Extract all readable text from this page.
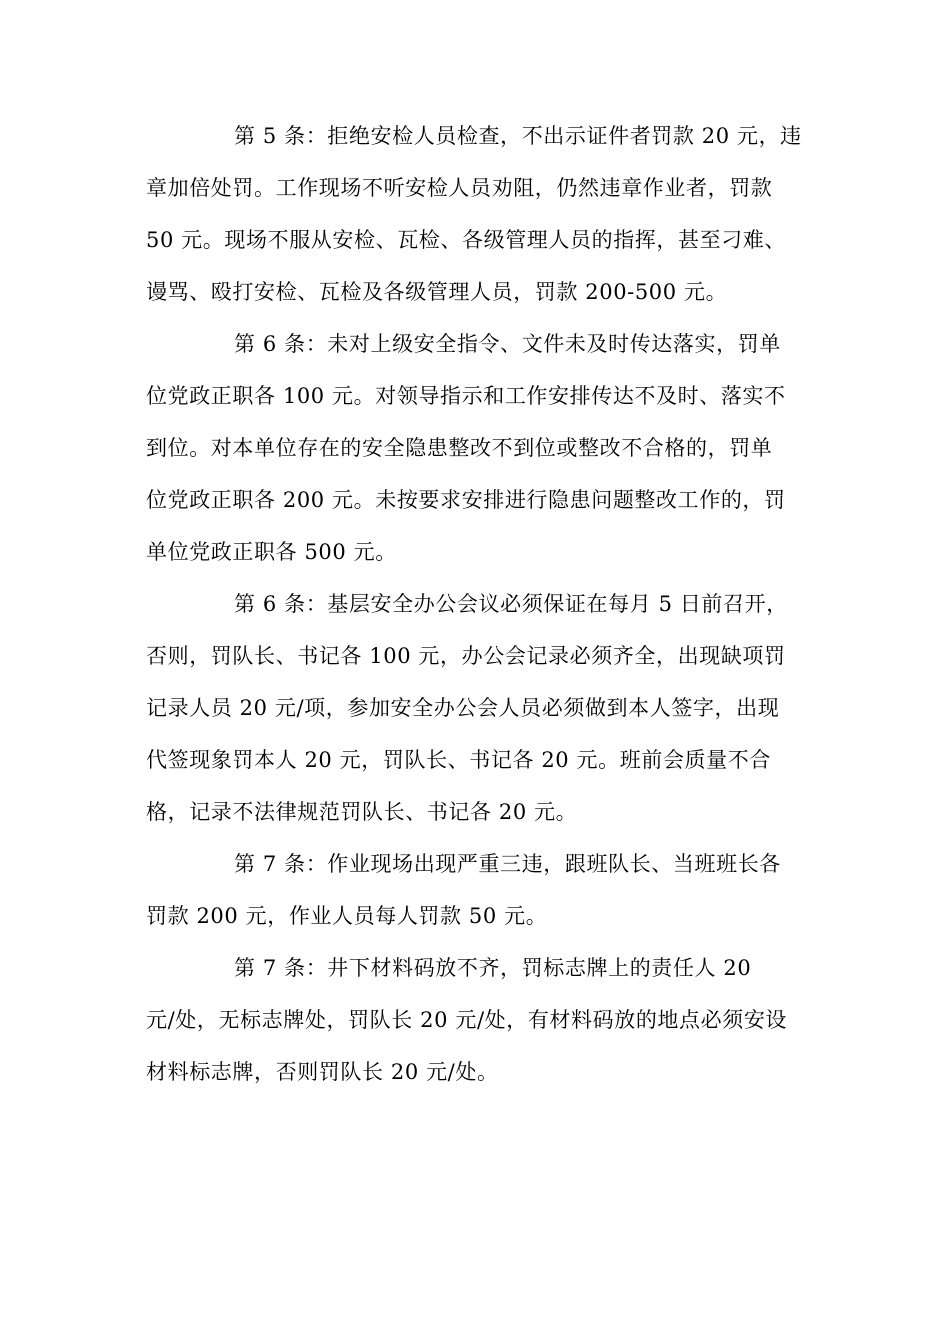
第 5 条：拒绝安检人员检查，不出示证件者罚款 20 元，违
章加倍处罚。工作现场不听安检人员劝阻，仍然违章作业者，罚款
50 元。现场不服从安检、瓦检、各级管理人员的指挥，甚至刁难、
谩骂、殴打安检、瓦检及各级管理人员，罚款 200-500 元。
第 6 条：未对上级安全指令、文件未及时传达落实，罚单
位党政正职各 100 元。对领导指示和工作安排传达不及时、落实不
到位。对本单位存在的安全隐患整改不到位或整改不合格的，罚单
位党政正职各 200 元。未按要求安排进行隐患问题整改工作的，罚
单位党政正职各 500 元。
第 6 条：基层安全办公会议必须保证在每月 5 日前召开，
否则，罚队长、书记各 100 元，办公会记录必须齐全，出现缺项罚
记录人员 20 元/项，参加安全办公会人员必须做到本人签字，出现
代签现象罚本人 20 元，罚队长、书记各 20 元。班前会质量不合
格，记录不法律规范罚队长、书记各 20 元。
第 7 条：作业现场出现严重三违，跟班队长、当班班长各
罚款 200 元，作业人员每人罚款 50 元。
第 7 条：井下材料码放不齐，罚标志牌上的责任人 20
元/处，无标志牌处，罚队长 20 元/处，有材料码放的地点必须安设
材料标志牌，否则罚队长 20 元/处。
